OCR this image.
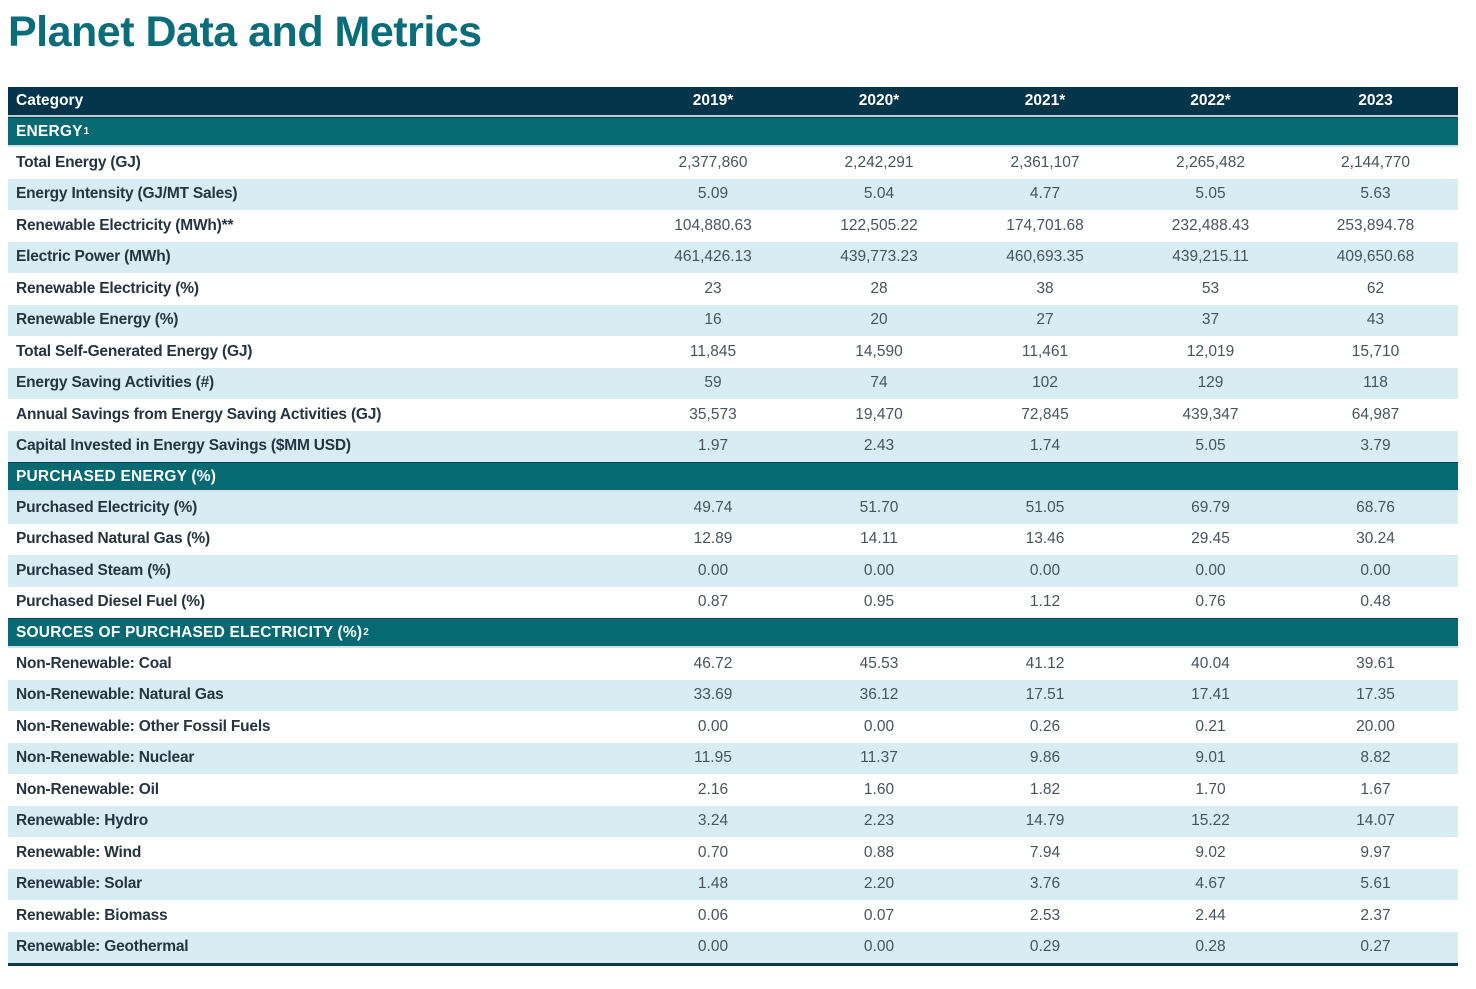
Planet Data and Metrics
Category	2019*	2020*	2021*	2022*	2023
ENERGY 1
Total Energy (GJ)	2,377,860	2,242,291	2,361,107	2,265,482	2,144,770
Energy Intensity (GJ/MT Sales)	5.09	5.04	4.77	5.05	5.63
Renewable Electricity (MWh)**	104,880.63	122,505.22	174,701.68	232,488.43	253,894.78
Electric Power (MWh)	461,426.13	439,773.23	460,693.35	439,215.11	409,650.68
Renewable Electricity (%)	23	28	38	53	62
Renewable Energy (%)	16	20	27	37	43
Total Self-Generated Energy (GJ)	11,845	14,590	11,461	12,019	15,710
Energy Saving Activities (#)	59	74	102	129	118
Annual Savings from Energy Saving Activities (GJ)	35,573	19,470	72,845	439,347	64,987
Capital Invested in Energy Savings ($MM USD)	1.97	2.43	1.74	5.05	3.79
PURCHASED ENERGY (%)
Purchased Electricity (%)	49.74	51.70	51.05	69.79	68.76
Purchased Natural Gas (%)	12.89	14.11	13.46	29.45	30.24
Purchased Steam (%)	0.00	0.00	0.00	0.00	0.00
Purchased Diesel Fuel (%)	0.87	0.95	1.12	0.76	0.48
SOURCES OF PURCHASED ELECTRICITY (%) 2
Non-Renewable: Coal	46.72	45.53	41.12	40.04	39.61
Non-Renewable: Natural Gas	33.69	36.12	17.51	17.41	17.35
Non-Renewable: Other Fossil Fuels	0.00	0.00	0.26	0.21	20.00
Non-Renewable: Nuclear	11.95	11.37	9.86	9.01	8.82
Non-Renewable: Oil	2.16	1.60	1.82	1.70	1.67
Renewable: Hydro	3.24	2.23	14.79	15.22	14.07
Renewable: Wind	0.70	0.88	7.94	9.02	9.97
Renewable: Solar	1.48	2.20	3.76	4.67	5.61
Renewable: Biomass	0.06	0.07	2.53	2.44	2.37
Renewable: Geothermal	0.00	0.00	0.29	0.28	0.27
